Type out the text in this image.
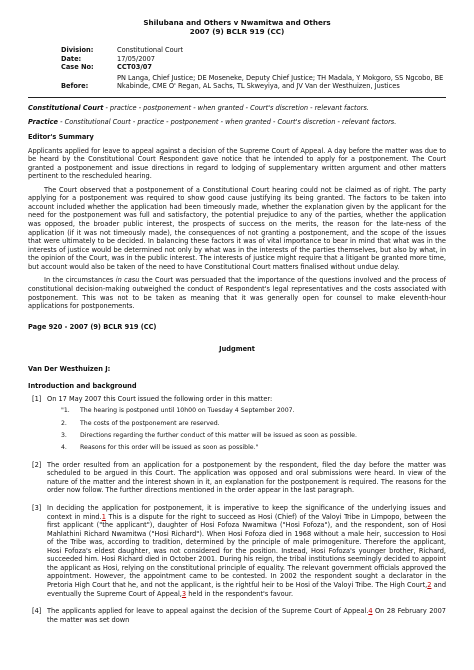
Shilubana and Others v Nwamitwa and Others
2007 (9) BCLR 919 (CC)
Division:	Constitutional Court
Date:	17/05/2007
Case No:	CCT03/07
Before:
PN Langa, Chief Justice; DE Moseneke, Deputy Chief Justice; TH Madala, Y Mokgoro, SS Ngcobo, BE Nkabinde, CME O' Regan, AL Sachs, TL Skweyiya, and JV Van der Westhuizen, Justices
Constitutional Court - practice - postponement - when granted - Court's discretion - relevant factors.
Practice - Constitutional Court - practice - postponement - when granted - Court's discretion - relevant factors.
Editor's Summary
Applicants applied for leave to appeal against a decision of the Supreme Court of Appeal. A day before the matter was due to be heard by the Constitutional Court Respondent gave notice that he intended to apply for a postponement. The Court granted a postponement and issue directions in regard to lodging of supplementary written argument and other matters pertinent to the rescheduled hearing.
The Court observed that a postponement of a Constitutional Court hearing could not be claimed as of right. The party applying for a postponement was required to show good cause justifying its being granted. The factors to be taken into account included whether the application had been timeously made, whether the explanation given by the applicant for the need for the postponement was full and satisfactory, the potential prejudice to any of the parties, whether the application was opposed, the broader public interest, the prospects of success on the merits, the reason for the late-ness of the application (if it was not timeously made), the consequences of not granting a postponement, and the scope of the issues that were ultimately to be decided. In balancing these factors it was of vital importance to bear in mind that what was in the interests of justice would be determined not only by what was in the interests of the parties themselves, but also by what, in the opinion of the Court, was in the public interest. The interests of justice might require that a litigant be granted more time, but account would also be taken of the need to have Constitutional Court matters finalised without undue delay.
In the circumstances in casu the Court was persuaded that the importance of the questions involved and the process of constitutional decision-making outweighed the conduct of Respondent's legal representatives and the costs associated with postponement. This was not to be taken as meaning that it was generally open for counsel to make eleventh-hour applications for postponements.
Page 920 - 2007 (9) BCLR 919 (CC)
Judgment
Van Der Westhuizen J:
Introduction and background
[1] On 17 May 2007 this Court issued the following order in this matter:
"1.	The hearing is postponed until 10h00 on Tuesday 4 September 2007.
2.	The costs of the postponement are reserved.
3.	Directions regarding the further conduct of this matter will be issued as soon as possible.
4.	Reasons for this order will be issued as soon as possible."
[2] The order resulted from an application for a postponement by the respondent, filed the day before the matter was scheduled to be argued in this Court. The application was opposed and oral submissions were heard. In view of the nature of the matter and the interest shown in it, an explanation for the postponement is required. The reasons for the order now follow. The further directions mentioned in the order appear in the last paragraph.
[3] In deciding the application for postponement, it is imperative to keep the significance of the underlying issues and context in mind.1 This is a dispute for the right to succeed as Hosi (Chief) of the Valoyi Tribe in Limpopo, between the first applicant ("the applicant"), daughter of Hosi Fofoza Nwamitwa ("Hosi Fofoza"), and the respondent, son of Hosi Mahlathini Richard Nwamitwa ("Hosi Richard"). When Hosi Fofoza died in 1968 without a male heir, succession to Hosi of the Tribe was, according to tradition, determined by the principle of male primogeniture. Therefore the applicant, Hosi Fofoza's eldest daughter, was not considered for the position. Instead, Hosi Fofoza's younger brother, Richard, succeeded him. Hosi Richard died in October 2001. During his reign, the tribal institutions seemingly decided to appoint the applicant as Hosi, relying on the constitutional principle of equality. The relevant government officials approved the appointment. However, the appointment came to be contested. In 2002 the respondent sought a declarator in the Pretoria High Court that he, and not the applicant, is the rightful heir to be Hosi of the Valoyi Tribe. The High Court,2 and eventually the Supreme Court of Appeal,3 held in the respondent's favour.
[4] The applicants applied for leave to appeal against the decision of the Supreme Court of Appeal.4 On 28 February 2007 the matter was set down
